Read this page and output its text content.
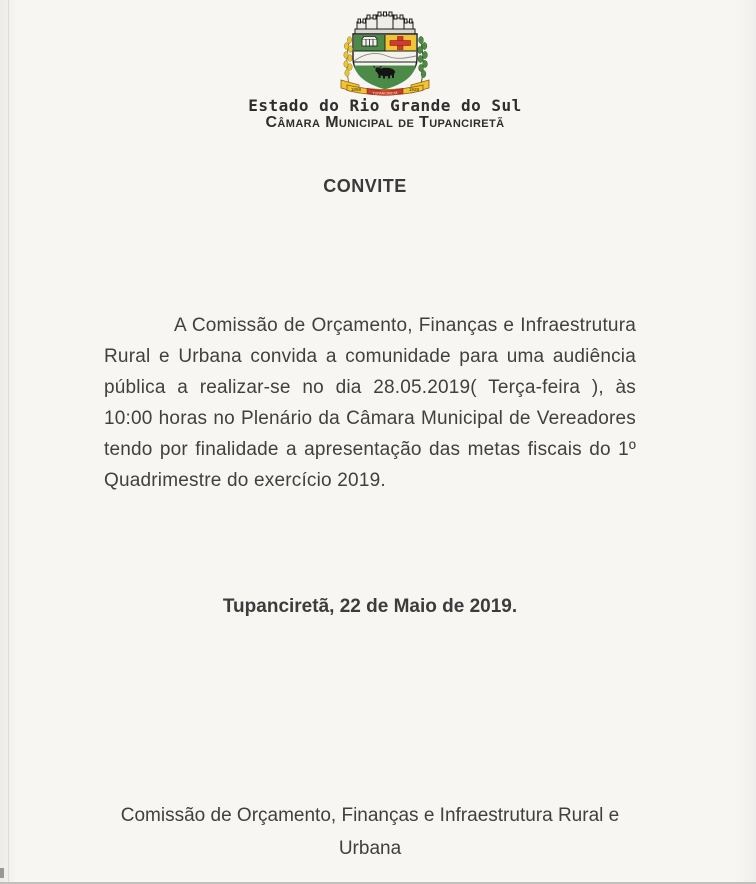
1858
TUPANCIRETÃ
1928
Estado do Rio Grande do Sul
Câmara Municipal de Tupanciretã
CONVITE

A Comissão de Orçamento, Finanças e Infraestrutura Rural e Urbana convida a comunidade para uma audiência pública a realizar-se no dia 28.05.2019( Terça-feira ), às 10:00 horas no Plenário da Câmara Municipal de Vereadores tendo por finalidade a apresentação das metas fiscais do 1º Quadrimestre do exercício 2019.

Tupanciretã, 22 de Maio de 2019.
Comissão de Orçamento, Finanças e Infraestrutura Rural e Urbana
